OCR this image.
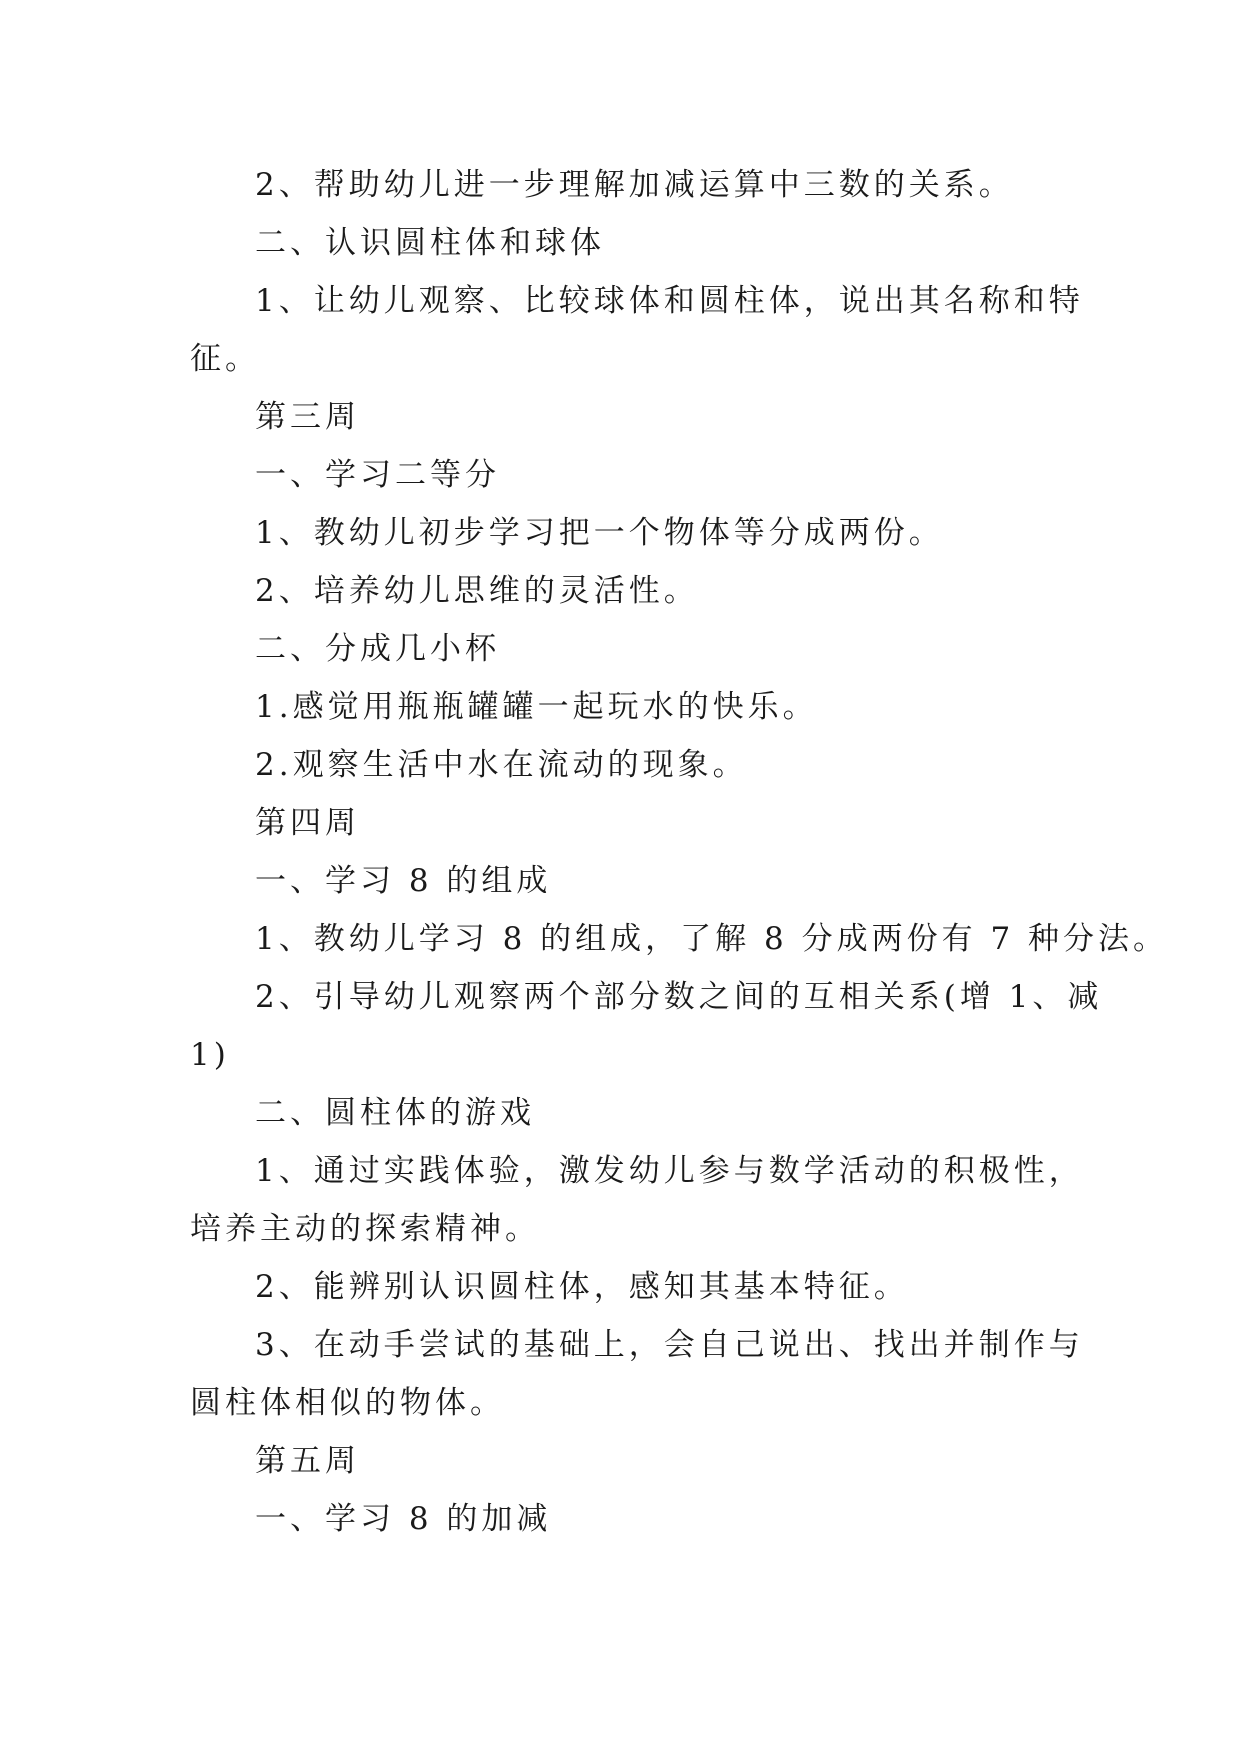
2、帮助幼儿进一步理解加减运算中三数的关系。
二、认识圆柱体和球体
1、让幼儿观察、比较球体和圆柱体，说出其名称和特
征。
第三周
一、学习二等分
1、教幼儿初步学习把一个物体等分成两份。
2、培养幼儿思维的灵活性。
二、分成几小杯
1.感觉用瓶瓶罐罐一起玩水的快乐。
2.观察生活中水在流动的现象。
第四周
一、学习 8 的组成
1、教幼儿学习 8 的组成，了解 8 分成两份有 7 种分法。
2、引导幼儿观察两个部分数之间的互相关系(增 1、减
1)
二、圆柱体的游戏
1、通过实践体验，激发幼儿参与数学活动的积极性，
培养主动的探索精神。
2、能辨别认识圆柱体，感知其基本特征。
3、在动手尝试的基础上，会自己说出、找出并制作与
圆柱体相似的物体。
第五周
一、学习 8 的加减
